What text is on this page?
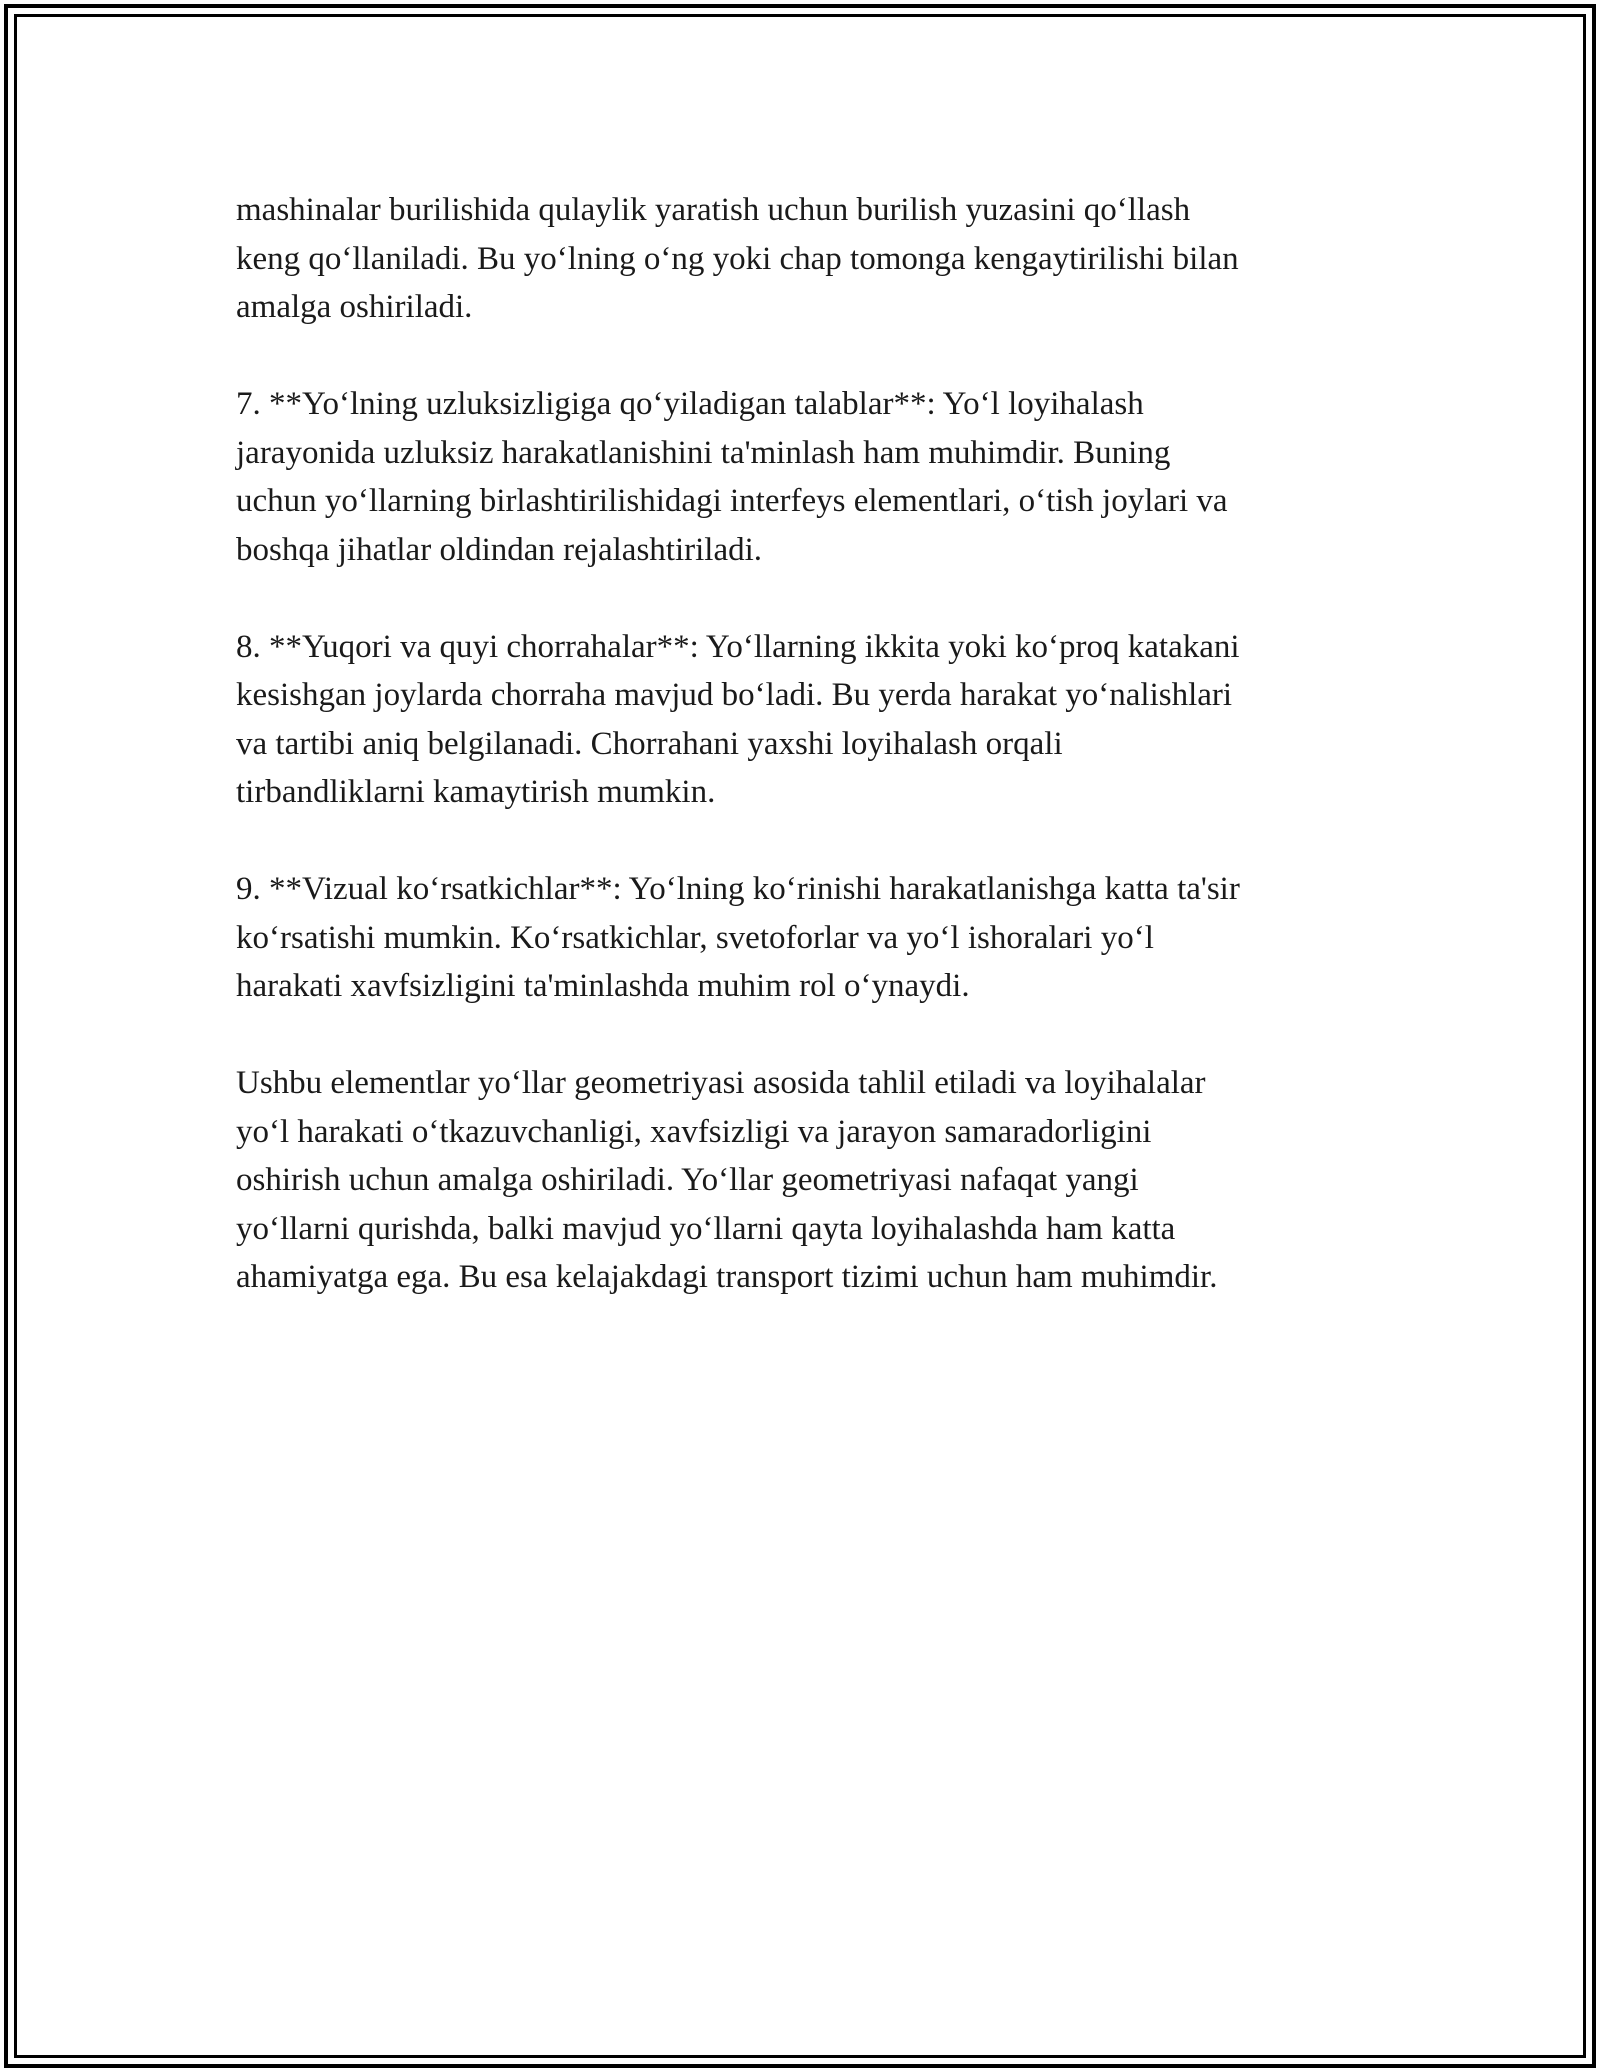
mashinalar burilishida qulaylik yaratish uchun burilish yuzasini qo‘llash
keng qo‘llaniladi. Bu yo‘lning o‘ng yoki chap tomonga kengaytirilishi bilan
amalga oshiriladi.

7. **Yo‘lning uzluksizligiga qo‘yiladigan talablar**: Yo‘l loyihalash
jarayonida uzluksiz harakatlanishini ta'minlash ham muhimdir. Buning
uchun yo‘llarning birlashtirilishidagi interfeys elementlari, o‘tish joylari va
boshqa jihatlar oldindan rejalashtiriladi.

8. **Yuqori va quyi chorrahalar**: Yo‘llarning ikkita yoki ko‘proq katakani
kesishgan joylarda chorraha mavjud bo‘ladi. Bu yerda harakat yo‘nalishlari
va tartibi aniq belgilanadi. Chorrahani yaxshi loyihalash orqali
tirbandliklarni kamaytirish mumkin.

9. **Vizual ko‘rsatkichlar**: Yo‘lning ko‘rinishi harakatlanishga katta ta'sir
ko‘rsatishi mumkin. Ko‘rsatkichlar, svetoforlar va yo‘l ishoralari yo‘l
harakati xavfsizligini ta'minlashda muhim rol o‘ynaydi.

Ushbu elementlar yo‘llar geometriyasi asosida tahlil etiladi va loyihalalar
yo‘l harakati o‘tkazuvchanligi, xavfsizligi va jarayon samaradorligini
oshirish uchun amalga oshiriladi. Yo‘llar geometriyasi nafaqat yangi
yo‘llarni qurishda, balki mavjud yo‘llarni qayta loyihalashda ham katta
ahamiyatga ega. Bu esa kelajakdagi transport tizimi uchun ham muhimdir.
